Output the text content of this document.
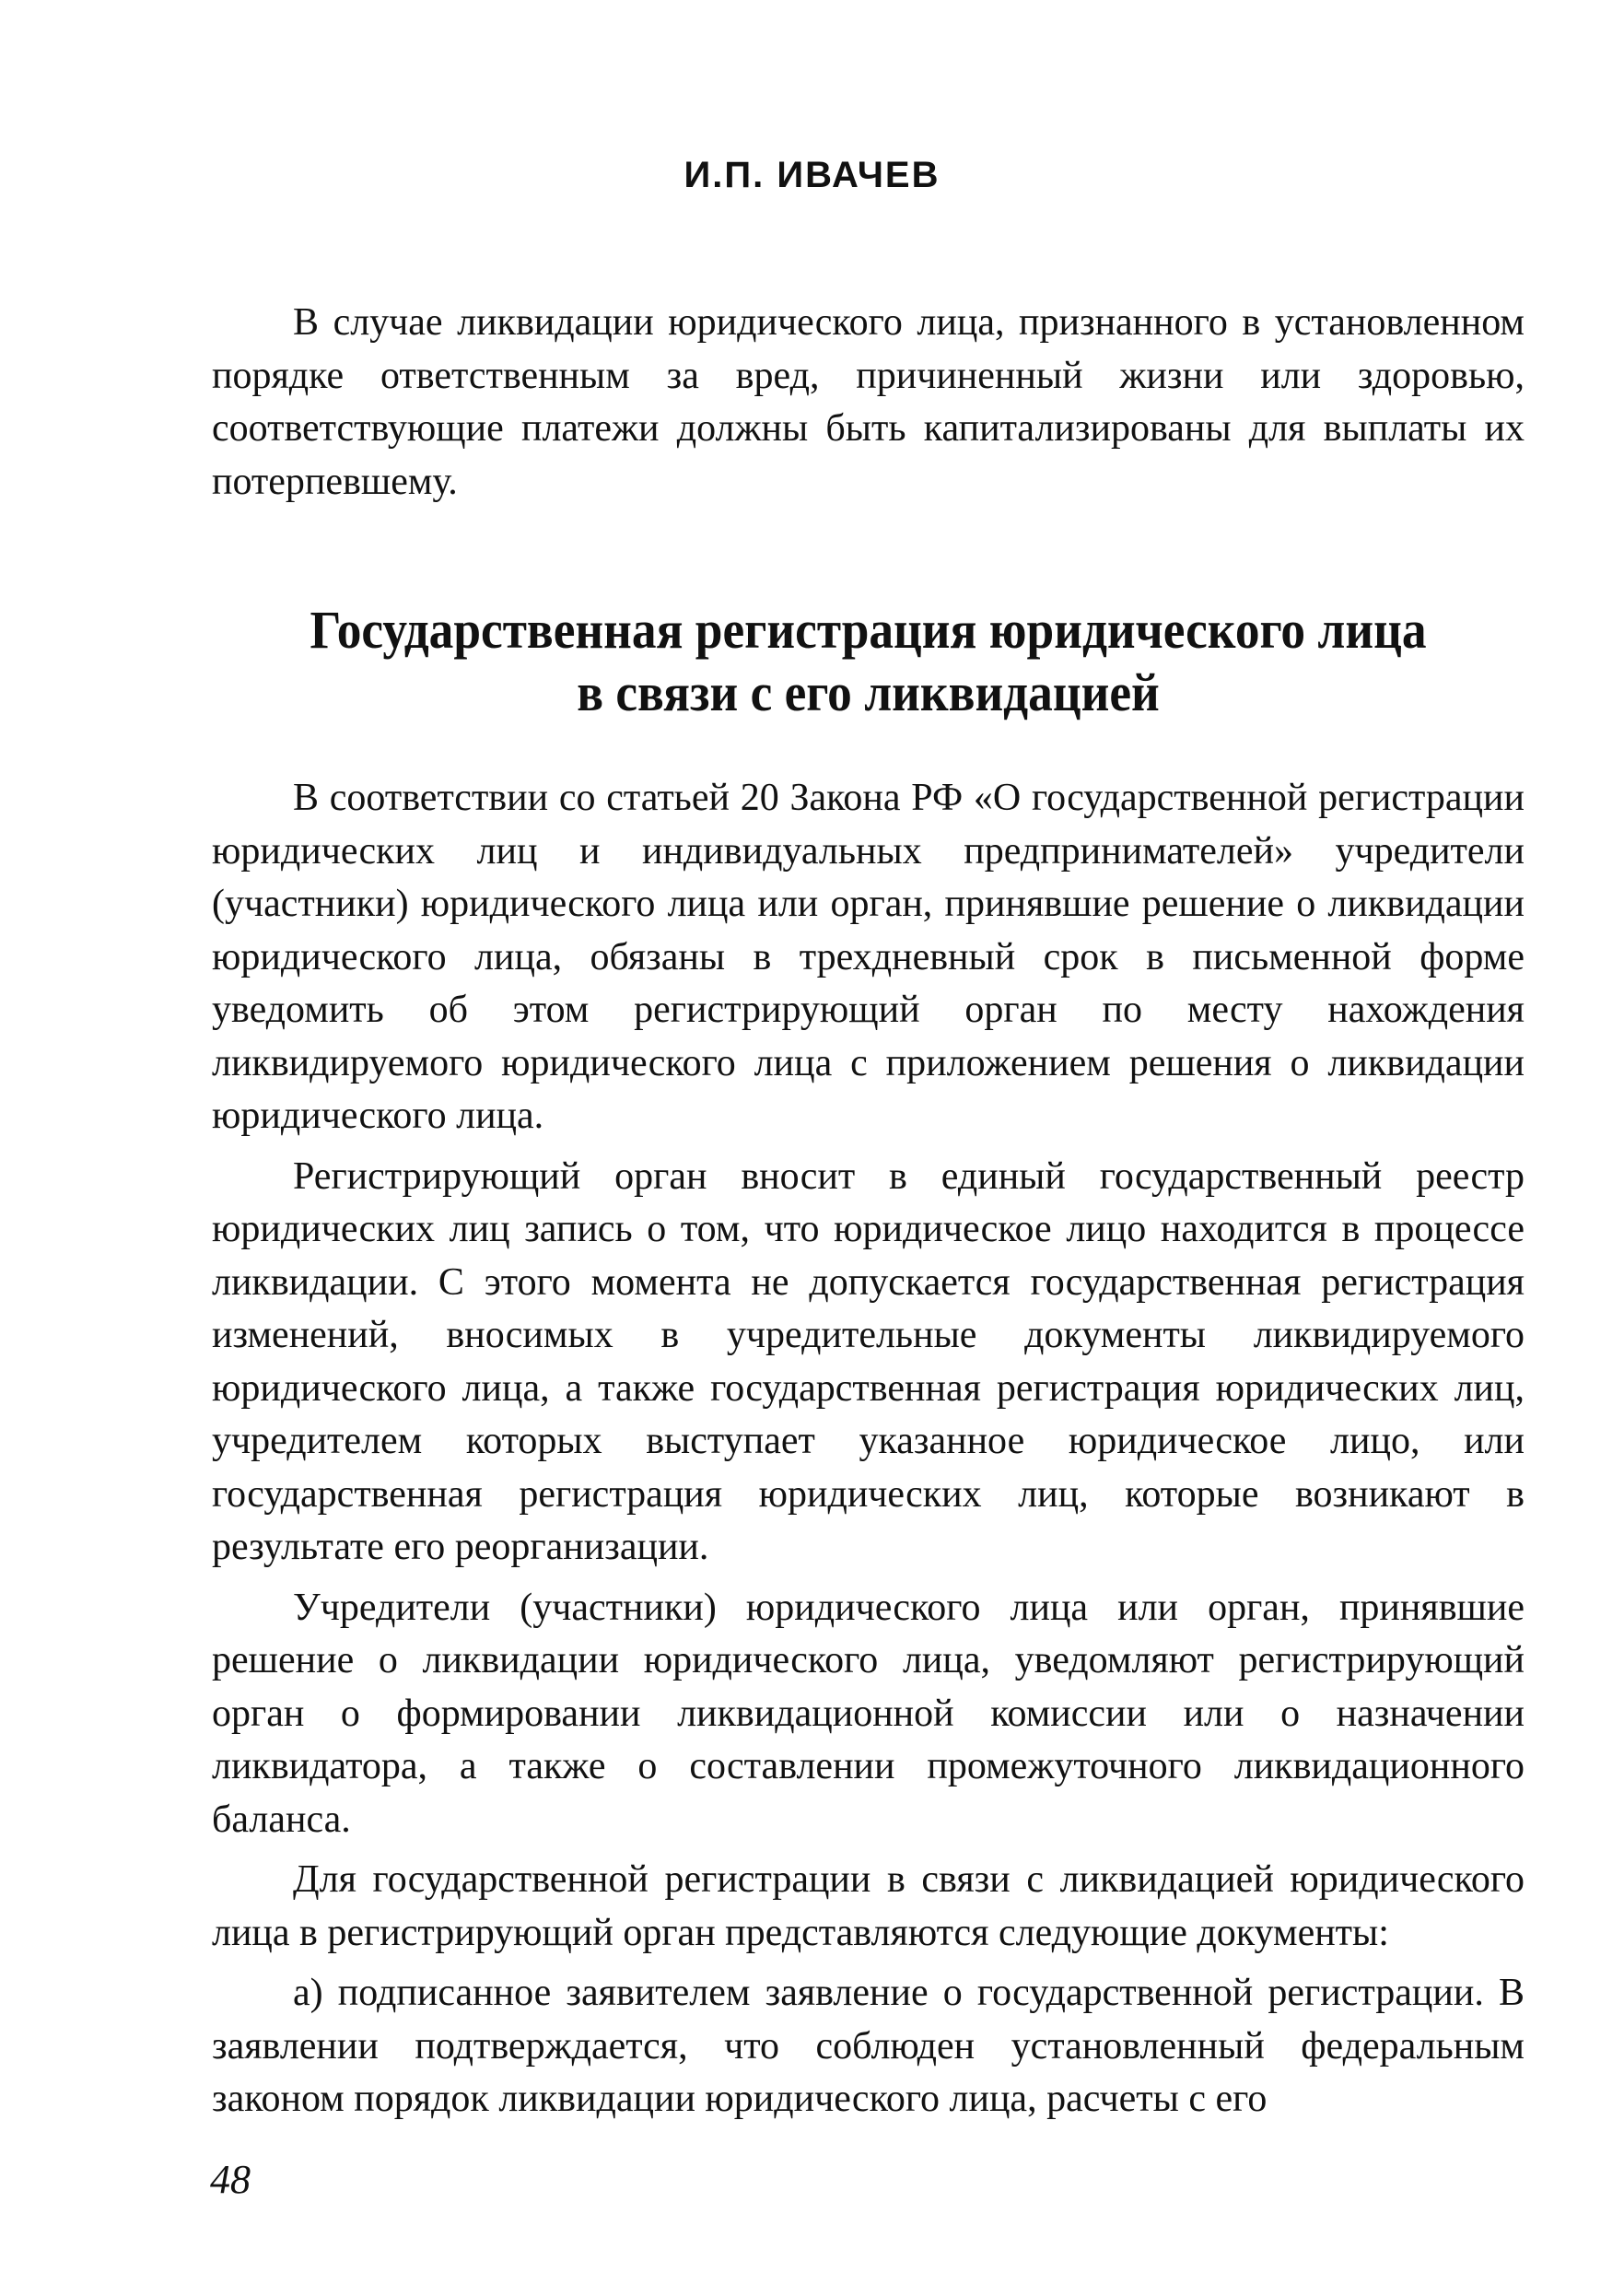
И.П. ИВАЧЕВ

В случае ликвидации юридического лица, признанного в установленном порядке ответственным за вред, причиненный жизни или здоровью, соответствующие платежи должны быть капитализированы для выплаты их потерпевшему.

Государственная регистрация юридического лица
в связи с его ликвидацией

В соответствии со статьей 20 Закона РФ «О государственной регистрации юридических лиц и индивидуальных предпринимателей» учредители (участники) юридического лица или орган, принявшие решение о ликвидации юридического лица, обязаны в трехдневный срок в письменной форме уведомить об этом регистрирующий орган по месту нахождения ликвидируемого юридического лица с приложением решения о ликвидации юридического лица.

Регистрирующий орган вносит в единый государственный реестр юридических лиц запись о том, что юридическое лицо находится в процессе ликвидации. С этого момента не допускается государственная регистрация изменений, вносимых в учредительные документы ликвидируемого юридического лица, а также государственная регистрация юридических лиц, учредителем которых выступает указанное юридическое лицо, или государственная регистрация юридических лиц, которые возникают в результате его реорганизации.

Учредители (участники) юридического лица или орган, принявшие решение о ликвидации юридического лица, уведомляют регистрирующий орган о формировании ликвидационной комиссии или о назначении ликвидатора, а также о составлении промежуточного ликвидационного баланса.

Для государственной регистрации в связи с ликвидацией юридического лица в регистрирующий орган представляются следующие документы:

а) подписанное заявителем заявление о государственной регистрации. В заявлении подтверждается, что соблюден установленный федеральным законом порядок ликвидации юридического лица, расчеты с его

48
